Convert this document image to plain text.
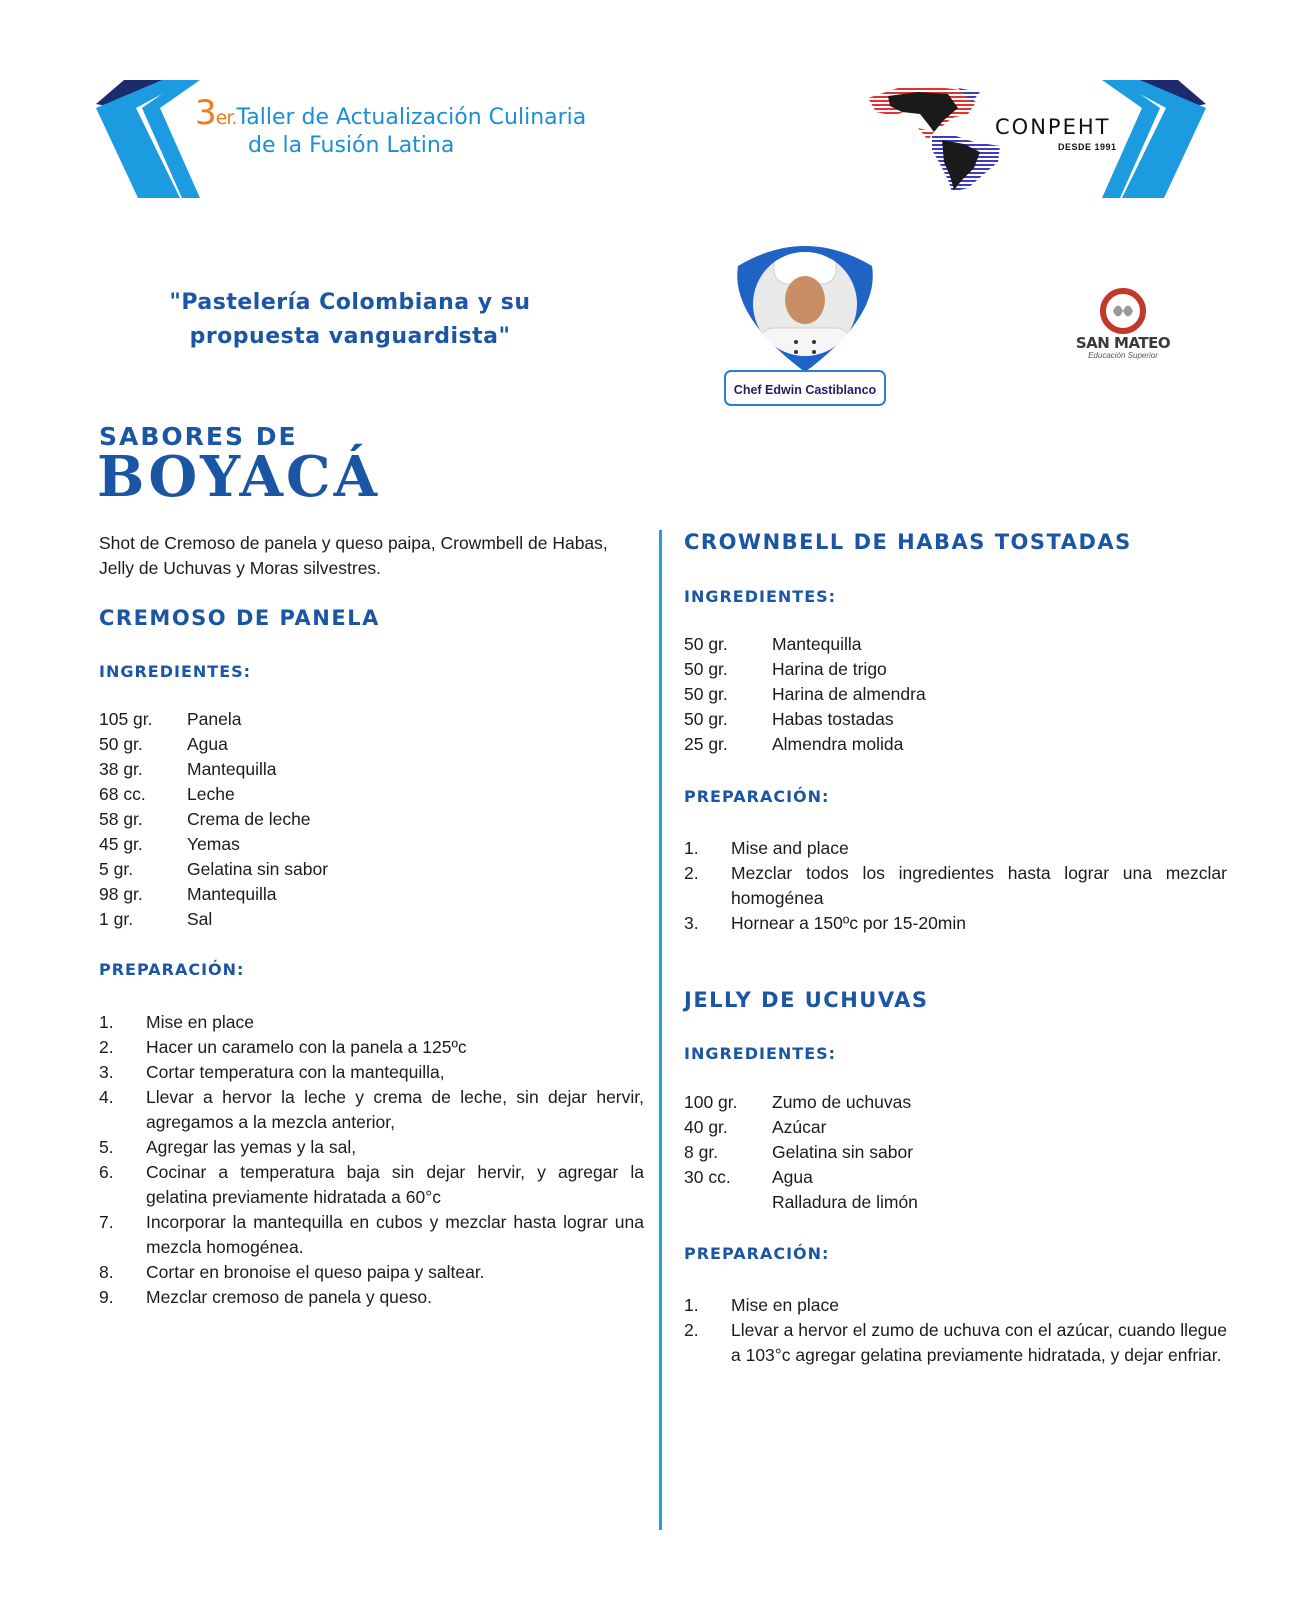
3er.Taller de Actualización Culinaria
de la Fusión Latina
CONPEHT
DESDE 1991
"Pastelería Colombiana y su propuesta vanguardista"
Chef Edwin Castiblanco
SAN MATEO
Educación Superior
SABORES DE
BOYACÁ
Shot de Cremoso de panela y queso paipa, Crowmbell de Habas, Jelly de Uchuvas y Moras silvestres.
CREMOSO DE PANELA
INGREDIENTES:
105 gr.	Panela
50 gr.	Agua
38 gr.	Mantequilla
68 cc.	Leche
58 gr.	Crema de leche
45 gr.	Yemas
5 gr.	Gelatina sin sabor
98 gr.	Mantequilla
1 gr.	Sal
PREPARACIÓN:
1.	Mise en place
2.	Hacer un caramelo con la panela a 125ºc
3.	Cortar temperatura con la mantequilla,
4.	Llevar a hervor la leche y crema de leche, sin dejar hervir, agregamos a la mezcla anterior,
5.	Agregar las yemas y la sal,
6.	Cocinar a temperatura baja sin dejar hervir, y agregar la gelatina previamente hidratada a 60°c
7.	Incorporar la mantequilla en cubos y mezclar hasta lograr una mezcla homogénea.
8.	Cortar en bronoise el queso paipa y saltear.
9.	Mezclar cremoso de panela y queso.
CROWNBELL DE HABAS TOSTADAS
INGREDIENTES:
50 gr.	Mantequilla
50 gr.	Harina de trigo
50 gr.	Harina de almendra
50 gr.	Habas tostadas
25 gr.	Almendra molida
PREPARACIÓN:
1.	Mise and place
2.	Mezclar todos los ingredientes hasta lograr una mezclar homogénea
3.	Hornear a 150ºc por 15-20min
JELLY DE UCHUVAS
INGREDIENTES:
100 gr.	Zumo de uchuvas
40 gr.	Azúcar
8 gr.	Gelatina sin sabor
30 cc.	Agua
Ralladura de limón
PREPARACIÓN:
1.	Mise en place
2.	Llevar a hervor el zumo de uchuva con el azúcar, cuando llegue a 103°c agregar gelatina previamente hidratada, y dejar enfriar.
